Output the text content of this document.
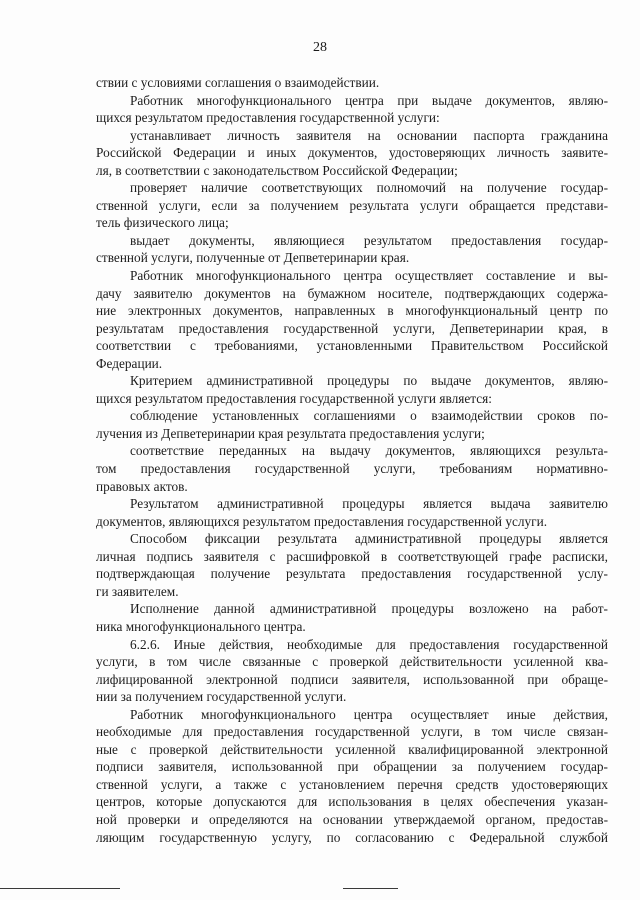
28
ствии с условиями соглашения о взаимодействии.
Работник многофункционального центра при выдаче документов, являю-
щихся результатом предоставления государственной услуги:
устанавливает личность заявителя на основании паспорта гражданина
Российской Федерации и иных документов, удостоверяющих личность заявите-
ля, в соответствии с законодательством Российской Федерации;
проверяет наличие соответствующих полномочий на получение государ-
ственной услуги, если за получением результата услуги обращается представи-
тель физического лица;
выдает документы, являющиеся результатом предоставления государ-
ственной услуги, полученные от Депветеринарии края.
Работник многофункционального центра осуществляет составление и вы-
дачу заявителю документов на бумажном носителе, подтверждающих содержа-
ние электронных документов, направленных в многофункциональный центр по
результатам предоставления государственной услуги, Депветеринарии края, в
соответствии с требованиями, установленными Правительством Российской
Федерации.
Критерием административной процедуры по выдаче документов, являю-
щихся результатом предоставления государственной услуги является:
соблюдение установленных соглашениями о взаимодействии сроков по-
лучения из Депветеринарии края результата предоставления услуги;
соответствие переданных на выдачу документов, являющихся результа-
том предоставления государственной услуги, требованиям нормативно-
правовых актов.
Результатом административной процедуры является выдача заявителю
документов, являющихся результатом предоставления государственной услуги.
Способом фиксации результата административной процедуры является
личная подпись заявителя с расшифровкой в соответствующей графе расписки,
подтверждающая получение результата предоставления государственной услу-
ги заявителем.
Исполнение данной административной процедуры возложено на работ-
ника многофункционального центра.
6.2.6. Иные действия, необходимые для предоставления государственной
услуги, в том числе связанные с проверкой действительности усиленной ква-
лифицированной электронной подписи заявителя, использованной при обраще-
нии за получением государственной услуги.
Работник многофункционального центра осуществляет иные действия,
необходимые для предоставления государственной услуги, в том числе связан-
ные с проверкой действительности усиленной квалифицированной электронной
подписи заявителя, использованной при обращении за получением государ-
ственной услуги, а также с установлением перечня средств удостоверяющих
центров, которые допускаются для использования в целях обеспечения указан-
ной проверки и определяются на основании утверждаемой органом, предостав-
ляющим государственную услугу, по согласованию с Федеральной службой
